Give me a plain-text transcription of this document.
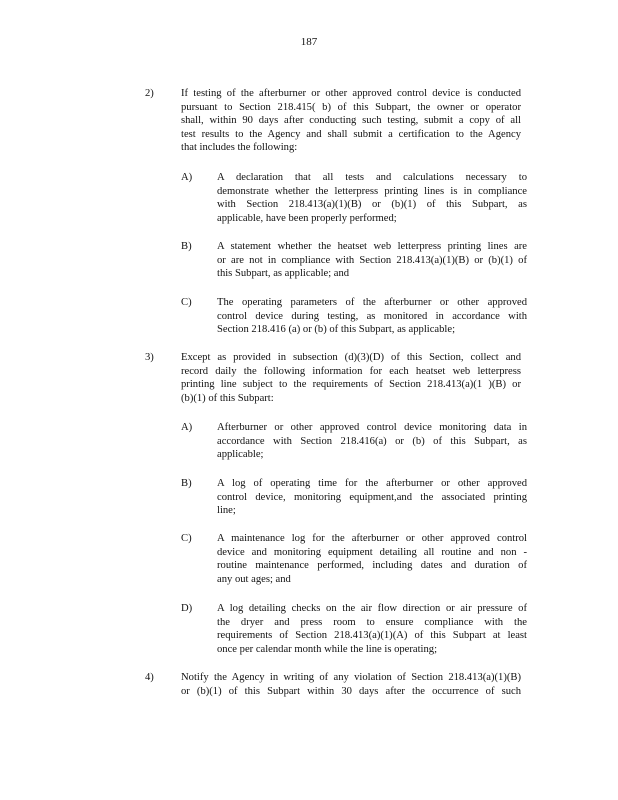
187
2)	If testing of the afterburner or other approved control device is conducted
pursuant to Section 218.415( b) of this Subpart, the owner or operator
shall, within 90 days after conducting such testing, submit a copy of all
test results to the Agency and shall submit a certification to the Agency
that includes the following:
A) A declaration that all tests and calculations necessary to
demonstrate whether the letterpress printing lines is in compliance
with Section 218.413(a)(1)(B) or (b)(1) of this Subpart, as
applicable, have been properly performed;
B) A statement whether the heatset web letterpress printing lines are
or are not in compliance with Section 218.413(a)(1)(B) or (b)(1) of
this Subpart, as applicable; and
C) The operating parameters of the afterburner or other approved
control device during testing, as monitored in accordance with
Section 218.416 (a) or (b) of this Subpart, as applicable;
3)	Except as provided in subsection (d)(3)(D) of this Section, collect and
record daily the following information for each heatset web letterpress
printing line subject to the requirements of Section 218.413(a)(1 )(B) or
(b)(1) of this Subpart:
A) Afterburner or other approved control device monitoring data in
accordance with Section 218.416(a) or (b) of this Subpart, as
applicable;
B) A log of operating time for the afterburner or other approved
control device, monitoring equipment,and the associated printing
line;
C) A maintenance log for the afterburner or other approved control
device and monitoring equipment detailing all routine and non -
routine maintenance performed, including dates and duration of
any out ages; and
D) A log detailing checks on the air flow direction or air pressure of
the dryer and press room to ensure compliance with the
requirements of Section 218.413(a)(1)(A) of this Subpart at least
once per calendar month while the line is operating;
4)	Notify the Agency in writing of any violation of Section 218.413(a)(1)(B)
or (b)(1) of this Subpart within 30 days after the occurrence of such
